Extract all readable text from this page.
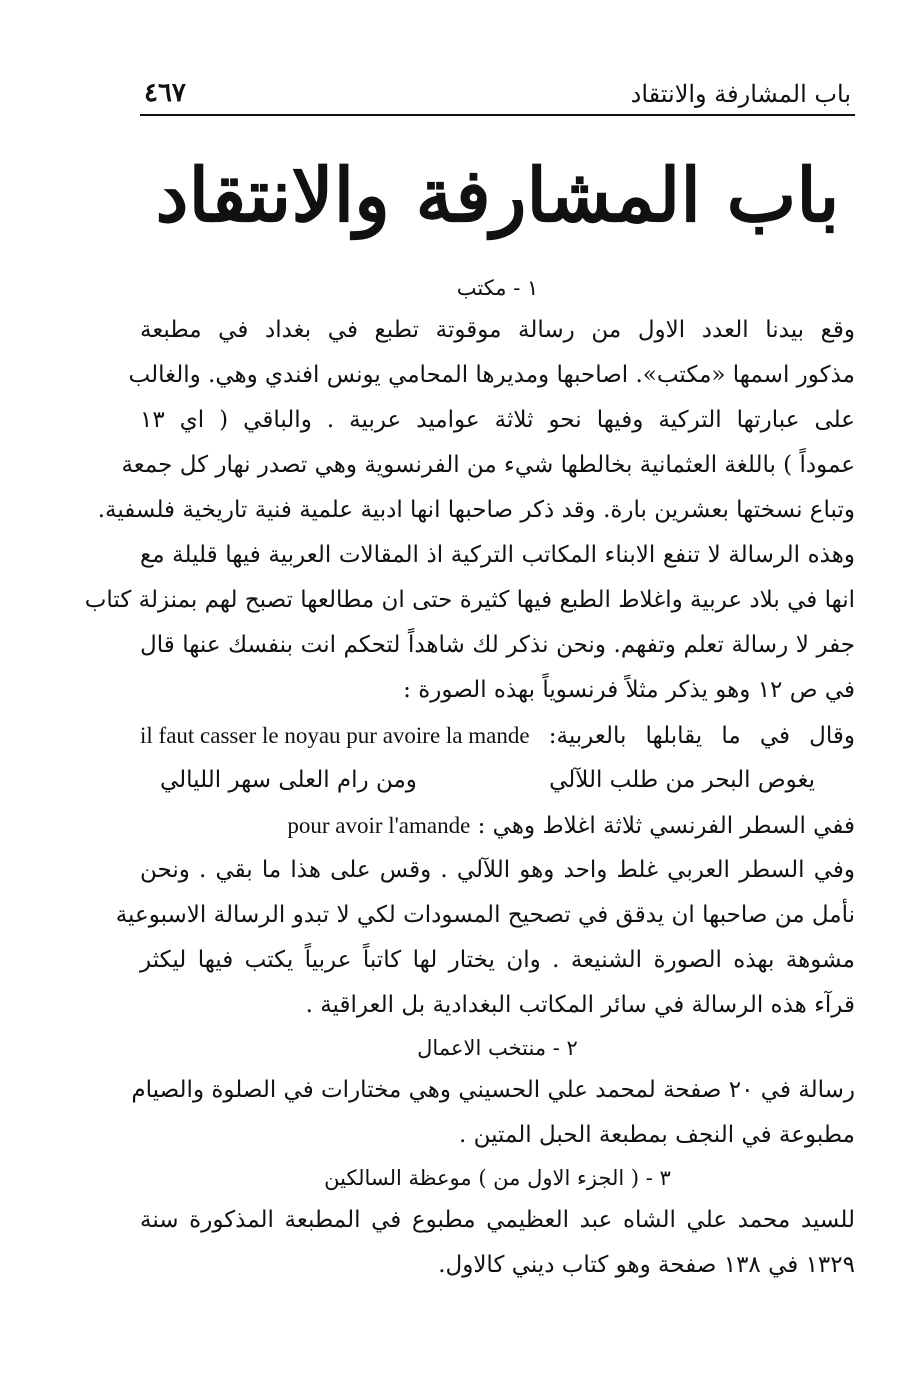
باب المشارفة والانتقاد
٤٦٧
باب المشارفة والانتقاد
١ - مكتب
وقع بيدنا العدد الاول من رسالة موقوتة تطبع في بغداد في مطبعة
مذكور اسمها «مكتب». اصاحبها ومديرها المحامي يونس افندي وهي. والغالب
على عبارتها التركية وفيها نحو ثلاثة عواميد عربية . والباقي ( اي ١٣
عموداً ) باللغة العثمانية بخالطها شيء من الفرنسوية وهي تصدر نهار كل جمعة
وتباع نسختها بعشرين بارة. وقد ذكر صاحبها انها ادبية علمية فنية تاريخية فلسفية.
وهذه الرسالة لا تنفع الابناء المكاتب التركية اذ المقالات العربية فيها قليلة مع
انها في بلاد عربية واغلاط الطبع فيها كثيرة حتى ان مطالعها تصبح لهم بمنزلة كتاب
جفر لا رسالة تعلم وتفهم. ونحن نذكر لك شاهداً لتحكم انت بنفسك عنها قال
في ص ١٢ وهو يذكر مثلاً فرنسوياً بهذه الصورة :
وقال في ما يقابلها بالعربية: il faut casser le noyau pur avoire la mande
يغوص البحر من طلب اللآلي
ومن رام العلى سهر الليالي
ففي السطر الفرنسي ثلاثة اغلاط وهي : pour avoir l'amande
وفي السطر العربي غلط واحد وهو اللآلي . وقس على هذا ما بقي . ونحن
نأمل من صاحبها ان يدقق في تصحيح المسودات لكي لا تبدو الرسالة الاسبوعية
مشوهة بهذه الصورة الشنيعة . وان يختار لها كاتباً عربياً يكتب فيها ليكثر
قرآء هذه الرسالة في سائر المكاتب البغدادية بل العراقية .
٢ - منتخب الاعمال
رسالة في ٢٠ صفحة لمحمد علي الحسيني وهي مختارات في الصلوة والصيام
مطبوعة في النجف بمطبعة الحبل المتين .
٣ - ( الجزء الاول من ) موعظة السالكين
للسيد محمد علي الشاه عبد العظيمي مطبوع في المطبعة المذكورة سنة
١٣٢٩ في ١٣٨ صفحة وهو كتاب ديني كالاول.
